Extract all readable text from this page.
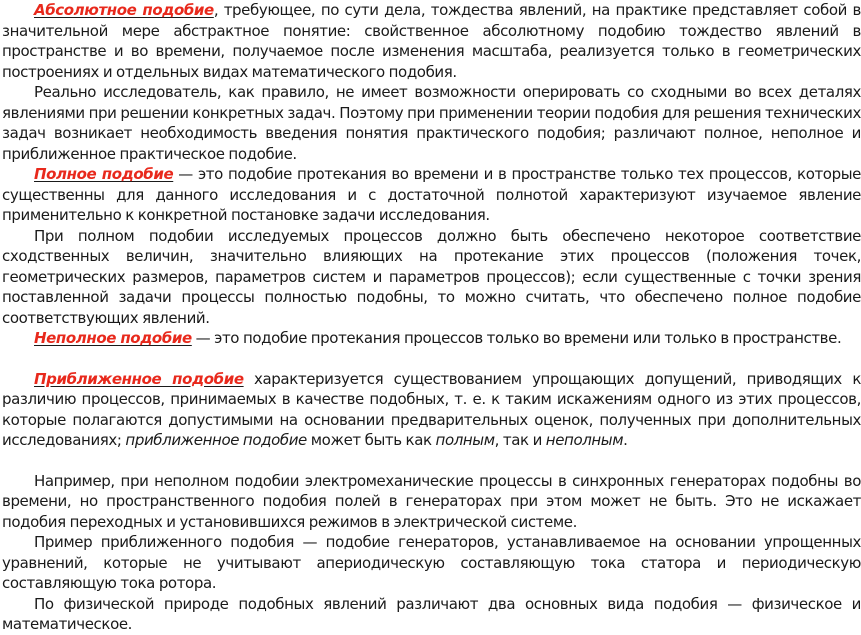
Абсолютное подобие, требующее, по сути дела, тождества явлений, на практике представляет собой в значительной мере абстрактное понятие: свойственное абсолютному подобию тождество явлений в пространстве и во времени, получаемое после изменения масштаба, реализуется только в геометрических построениях и отдельных видах математического подобия.

Реально исследователь, как правило, не имеет возможности оперировать со сходными во всех деталях явлениями при решении конкретных задач. Поэтому при применении теории подобия для решения технических задач возникает необходимость введения понятия практического подобия; различают полное, неполное и приближенное практическое подобие.

Полное подобие — это подобие протекания во времени и в пространстве только тех процессов, которые существенны для данного исследования и с достаточной полнотой характеризуют изучаемое явление применительно к конкретной постановке задачи исследования.

При полном подобии исследуемых процессов должно быть обеспечено некоторое соответствие сходственных величин, значительно влияющих на протекание этих процессов (положения точек, геометрических размеров, параметров систем и параметров процессов); если существенные с точки зрения поставленной задачи процессы полностью подобны, то можно считать, что обеспечено полное подобие соответствующих явлений.

Неполное подобие — это подобие протекания процессов только во времени или только в пространстве.

Приближенное подобие характеризуется существованием упрощающих допущений, приводящих к различию процессов, принимаемых в качестве подобных, т. е. к таким искажениям одного из этих процессов, которые полагаются допустимыми на основании предварительных оценок, полученных при дополнительных исследованиях; приближенное подобие может быть как полным, так и неполным.

Например, при неполном подобии электромеханические процессы в синхронных генераторах подобны во времени, но пространственного подобия полей в генераторах при этом может не быть. Это не искажает подобия переходных и установившихся режимов в электрической системе.

Пример приближенного подобия — подобие генераторов, устанавливаемое на основании упрощенных уравнений, которые не учитывают апериодическую составляющую тока статора и периодическую составляющую тока ротора.

По физической природе подобных явлений различают два основных вида подобия — физическое и математическое.
